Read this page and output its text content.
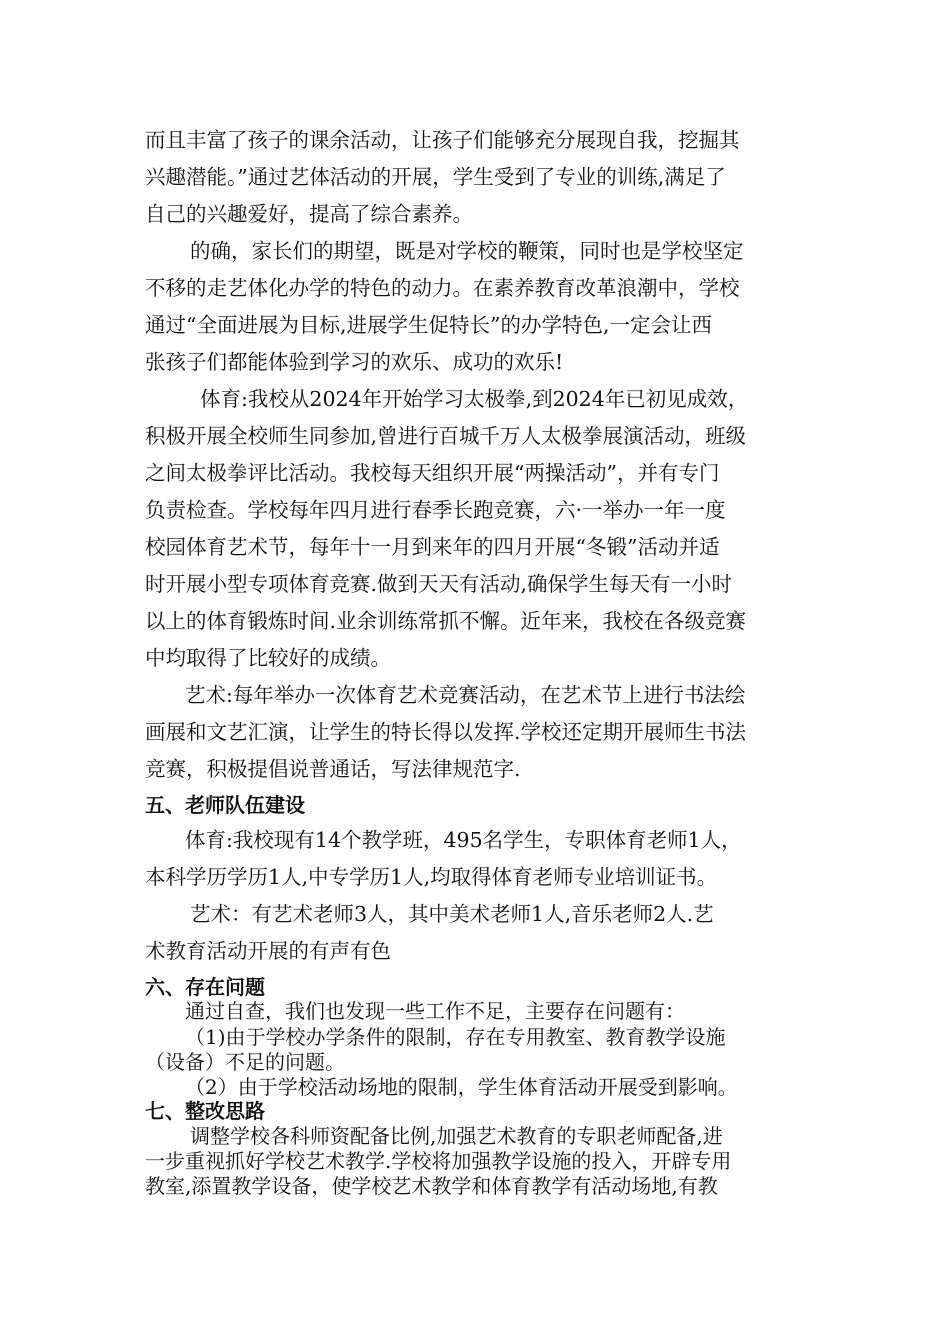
而且丰富了孩子的课余活动，让孩子们能够充分展现自我，挖掘其

兴趣潜能。”通过艺体活动的开展，学生受到了专业的训练,满足了

自己的兴趣爱好，提高了综合素养。

的确，家长们的期望，既是对学校的鞭策，同时也是学校坚定

不移的走艺体化办学的特色的动力。在素养教育改革浪潮中，学校

通过“全面进展为目标,进展学生促特长”的办学特色,一定会让西

张孩子们都能体验到学习的欢乐、成功的欢乐!

体育:我校从2024年开始学习太极拳,到2024年已初见成效，

积极开展全校师生同参加,曾进行百城千万人太极拳展演活动，班级

之间太极拳评比活动。我校每天组织开展“两操活动”，并有专门

负责检查。学校每年四月进行春季长跑竞赛，六·一举办一年一度

校园体育艺术节，每年十一月到来年的四月开展“冬锻”活动并适

时开展小型专项体育竞赛.做到天天有活动,确保学生每天有一小时

以上的体育锻炼时间.业余训练常抓不懈。近年来，我校在各级竞赛

中均取得了比较好的成绩。

艺术:每年举办一次体育艺术竞赛活动，在艺术节上进行书法绘

画展和文艺汇演，让学生的特长得以发挥.学校还定期开展师生书法

竞赛，积极提倡说普通话，写法律规范字.

五、老师队伍建设

体育:我校现有14个教学班，495名学生，专职体育老师1人，

本科学历学历1人,中专学历1人,均取得体育老师专业培训证书。

艺术：有艺术老师3人，其中美术老师1人,音乐老师2人.艺

术教育活动开展的有声有色

六、存在问题

通过自查，我们也发现一些工作不足，主要存在问题有：

（1)由于学校办学条件的限制，存在专用教室、教育教学设施

（设备）不足的问题。

（2）由于学校活动场地的限制，学生体育活动开展受到影响。

七、整改思路

调整学校各科师资配备比例,加强艺术教育的专职老师配备,进

一步重视抓好学校艺术教学.学校将加强教学设施的投入，开辟专用

教室,添置教学设备，使学校艺术教学和体育教学有活动场地,有教
